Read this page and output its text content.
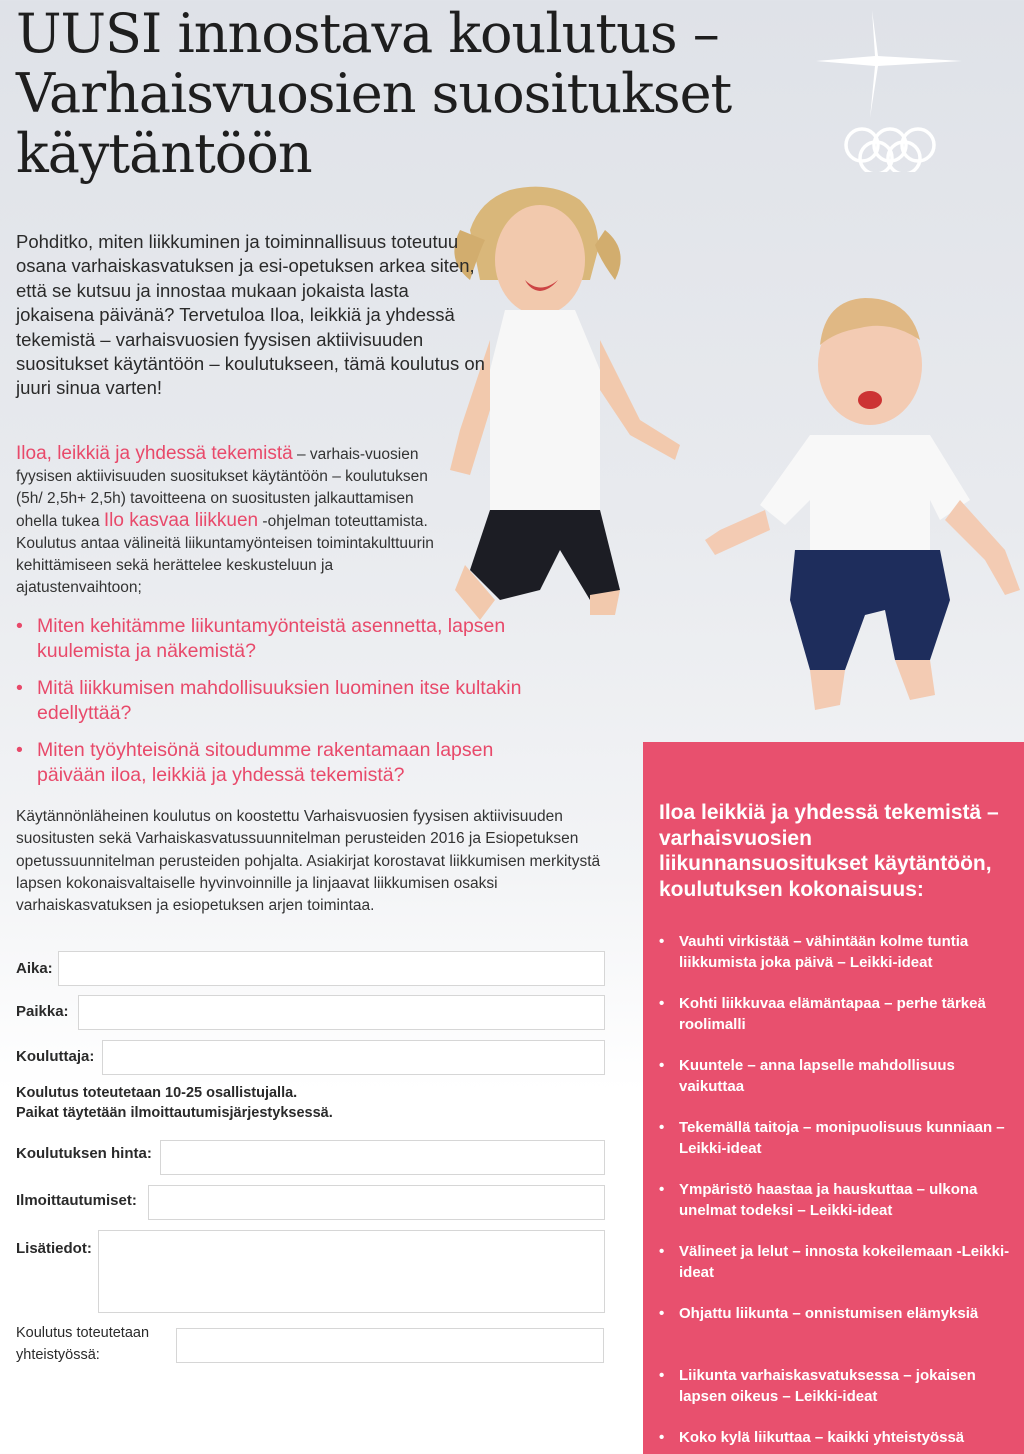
UUSI innostava koulutus – Varhaisvuosien suositukset käytäntöön

Pohditko, miten liikkuminen ja toiminnallisuus toteutuu osana varhaiskasvatuksen ja esi-opetuksen arkea siten, että se kutsuu ja innostaa mukaan jokaista lasta jokaisena päivänä? Tervetuloa Iloa, leikkiä ja yhdessä tekemistä – varhaisvuosien fyysisen aktiivisuuden suositukset käytäntöön – koulutukseen, tämä koulutus on juuri sinua varten!

Iloa, leikkiä ja yhdessä tekemistä – varhais-vuosien fyysisen aktiivisuuden suositukset käytäntöön – koulutuksen (5h/ 2,5h+ 2,5h) tavoitteena on suositusten jalkauttamisen ohella tukea Ilo kasvaa liikkuen -ohjelman toteuttamista. Koulutus antaa välineitä liikuntamyönteisen toimintakulttuurin kehittämiseen sekä herättelee keskusteluun ja ajatustenvaihtoon;

• Miten kehitämme liikuntamyönteistä asennetta, lapsen kuulemista ja näkemistä?
• Mitä liikkumisen mahdollisuuksien luominen itse kultakin edellyttää?
• Miten työyhteisönä sitoudumme rakentamaan lapsen päivään iloa, leikkiä ja yhdessä tekemistä?

Käytännönläheinen koulutus on koostettu Varhaisvuosien fyysisen aktiivisuuden suositusten sekä Varhaiskasvatussuunnitelman perusteiden 2016 ja Esiopetuksen opetussuunnitelman perusteiden pohjalta. Asiakirjat korostavat liikkumisen merkitystä lapsen kokonaisvaltaiselle hyvinvoinnille ja linjaavat liikkumisen osaksi varhaiskasvatuksen ja esiopetuksen arjen toimintaa.

Aika:
Paikka:
Kouluttaja:
Koulutus toteutetaan 10-25 osallistujalla.
Paikat täytetään ilmoittautumisjärjestyksessä.
Koulutuksen hinta:
Ilmoittautumiset:
Lisätiedot:
Koulutus toteutetaan yhteistyössä:
Iloa leikkiä ja yhdessä tekemistä – varhaisvuosien liikunnansuositukset käytäntöön, koulutuksen kokonaisuus:
• Vauhti virkistää – vähintään kolme tuntia liikkumista joka päivä – Leikki-ideat
• Kohti liikkuvaa elämäntapaa – perhe tärkeä roolimalli
• Kuuntele – anna lapselle mahdollisuus vaikuttaa
• Tekemällä taitoja – monipuolisuus kunniaan – Leikki-ideat
• Ympäristö haastaa ja hauskuttaa – ulkona unelmat todeksi – Leikki-ideat
• Välineet ja lelut – innosta kokeilemaan -Leikki-ideat
• Ohjattu liikunta – onnistumisen elämyksiä
• Liikunta varhaiskasvatuksessa – jokaisen lapsen oikeus – Leikki-ideat
• Koko kylä liikuttaa – kaikki yhteistyössä
